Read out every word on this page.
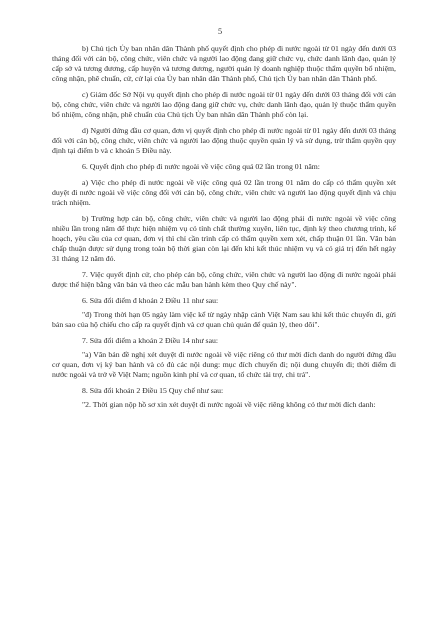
5

b) Chủ tịch Ủy ban nhân dân Thành phố quyết định cho phép đi nước ngoài từ 01 ngày đến dưới 03 tháng đối với cán bộ, công chức, viên chức và người lao động đang giữ chức vụ, chức danh lãnh đạo, quản lý cấp sở và tương đương, cấp huyện và tương đương, người quản lý doanh nghiệp thuộc thẩm quyền bổ nhiệm, công nhận, phê chuẩn, cử, cử lại của Ủy ban nhân dân Thành phố, Chủ tịch Ủy ban nhân dân Thành phố.

c) Giám đốc Sở Nội vụ quyết định cho phép đi nước ngoài từ 01 ngày đến dưới 03 tháng đối với cán bộ, công chức, viên chức và người lao động đang giữ chức vụ, chức danh lãnh đạo, quản lý thuộc thẩm quyền bổ nhiệm, công nhận, phê chuẩn của Chủ tịch Ủy ban nhân dân Thành phố còn lại.

d) Người đứng đầu cơ quan, đơn vị quyết định cho phép đi nước ngoài từ 01 ngày đến dưới 03 tháng đối với cán bộ, công chức, viên chức và người lao động thuộc quyền quản lý và sử dụng, trừ thẩm quyền quy định tại điểm b và c khoản 5 Điều này.

6. Quyết định cho phép đi nước ngoài về việc công quá 02 lần trong 01 năm:

a) Việc cho phép đi nước ngoài về việc công quá 02 lần trong 01 năm do cấp có thẩm quyền xét duyệt đi nước ngoài về việc công đối với cán bộ, công chức, viên chức và người lao động quyết định và chịu trách nhiệm.

b) Trường hợp cán bộ, công chức, viên chức và người lao động phải đi nước ngoài về việc công nhiều lần trong năm để thực hiện nhiệm vụ có tính chất thường xuyên, liên tục, định kỳ theo chương trình, kế hoạch, yêu cầu của cơ quan, đơn vị thì chỉ cần trình cấp có thẩm quyền xem xét, chấp thuận 01 lần. Văn bản chấp thuận được sử dụng trong toàn bộ thời gian còn lại đến khi kết thúc nhiệm vụ và có giá trị đến hết ngày 31 tháng 12 năm đó.

7. Việc quyết định cử, cho phép cán bộ, công chức, viên chức và người lao động đi nước ngoài phải được thể hiện bằng văn bản và theo các mẫu ban hành kèm theo Quy chế này".

6. Sửa đổi điểm đ khoản 2 Điều 11 như sau:

"đ) Trong thời hạn 05 ngày làm việc kể từ ngày nhập cảnh Việt Nam sau khi kết thúc chuyến đi, gửi bản sao của hộ chiếu cho cấp ra quyết định và cơ quan chủ quản để quản lý, theo dõi".

7. Sửa đổi điểm a khoản 2 Điều 14 như sau:

"a) Văn bản đề nghị xét duyệt đi nước ngoài về việc riêng có thư mời đích danh do người đứng đầu cơ quan, đơn vị ký ban hành và có đủ các nội dung: mục đích chuyến đi; nội dung chuyến đi; thời điểm đi nước ngoài và trở về Việt Nam; nguồn kinh phí và cơ quan, tổ chức tài trợ, chi trả".

8. Sửa đổi khoản 2 Điều 15 Quy chế như sau:

"2. Thời gian nộp hồ sơ xin xét duyệt đi nước ngoài về việc riêng không có thư mời đích danh:
